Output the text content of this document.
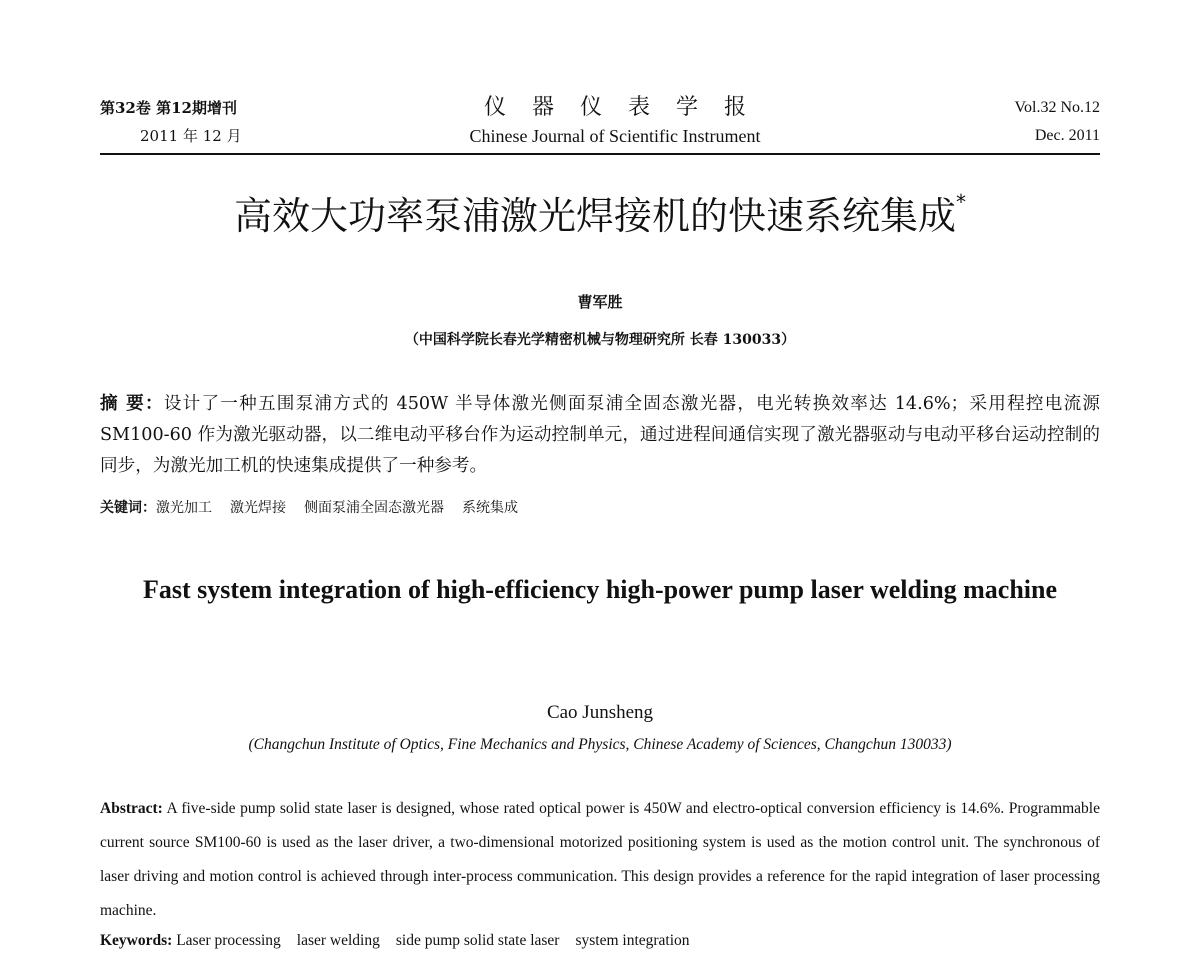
第32卷 第12期增刊
2011 年 12 月
仪器仪表学报
Chinese Journal of Scientific Instrument
Vol.32 No.12
Dec. 2011
高效大功率泵浦激光焊接机的快速系统集成*
曹军胜
（中国科学院长春光学精密机械与物理研究所 长春 130033）
摘 要：设计了一种五围泵浦方式的 450W 半导体激光侧面泵浦全固态激光器，电光转换效率达 14.6%；采用程控电流源 SM100-60 作为激光驱动器，以二维电动平移台作为运动控制单元，通过进程间通信实现了激光器驱动与电动平移台运动控制的同步，为激光加工机的快速集成提供了一种参考。
关键词：激光加工 激光焊接 侧面泵浦全固态激光器 系统集成
Fast system integration of high-efficiency high-power pump laser welding machine
Cao Junsheng
(Changchun Institute of Optics, Fine Mechanics and Physics, Chinese Academy of Sciences, Changchun 130033)
Abstract: A five-side pump solid state laser is designed, whose rated optical power is 450W and electro-optical conversion efficiency is 14.6%. Programmable current source SM100-60 is used as the laser driver, a two-dimensional motorized positioning system is used as the motion control unit. The synchronous of laser driving and motion control is achieved through inter-process communication. This design provides a reference for the rapid integration of laser processing machine.
Keywords: Laser processing laser welding side pump solid state laser system integration
